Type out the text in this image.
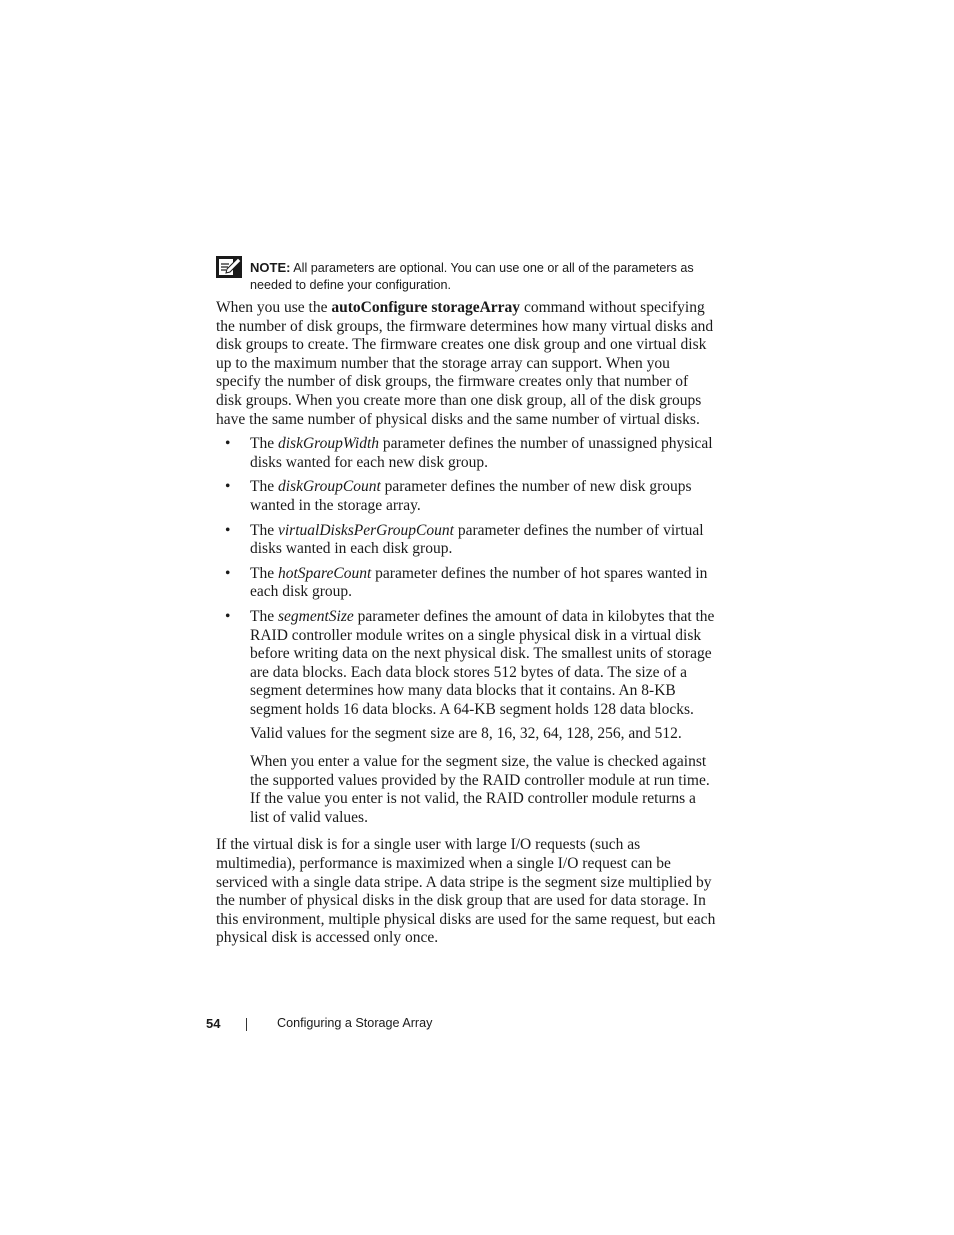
NOTE: All parameters are optional. You can use one or all of the parameters as needed to define your configuration.

When you use the autoConfigure storageArray command without specifying the number of disk groups, the firmware determines how many virtual disks and disk groups to create. The firmware creates one disk group and one virtual disk up to the maximum number that the storage array can support. When you specify the number of disk groups, the firmware creates only that number of disk groups. When you create more than one disk group, all of the disk groups have the same number of physical disks and the same number of virtual disks.

• The diskGroupWidth parameter defines the number of unassigned physical disks wanted for each new disk group.
• The diskGroupCount parameter defines the number of new disk groups wanted in the storage array.
• The virtualDisksPerGroupCount parameter defines the number of virtual disks wanted in each disk group.
• The hotSpareCount parameter defines the number of hot spares wanted in each disk group.
• The segmentSize parameter defines the amount of data in kilobytes that the RAID controller module writes on a single physical disk in a virtual disk before writing data on the next physical disk. The smallest units of storage are data blocks. Each data block stores 512 bytes of data. The size of a segment determines how many data blocks that it contains. An 8-KB segment holds 16 data blocks. A 64-KB segment holds 128 data blocks.

Valid values for the segment size are 8, 16, 32, 64, 128, 256, and 512.

When you enter a value for the segment size, the value is checked against the supported values provided by the RAID controller module at run time. If the value you enter is not valid, the RAID controller module returns a list of valid values.

If the virtual disk is for a single user with large I/O requests (such as multimedia), performance is maximized when a single I/O request can be serviced with a single data stripe. A data stripe is the segment size multiplied by the number of physical disks in the disk group that are used for data storage. In this environment, multiple physical disks are used for the same request, but each physical disk is accessed only once.

54	Configuring a Storage Array
